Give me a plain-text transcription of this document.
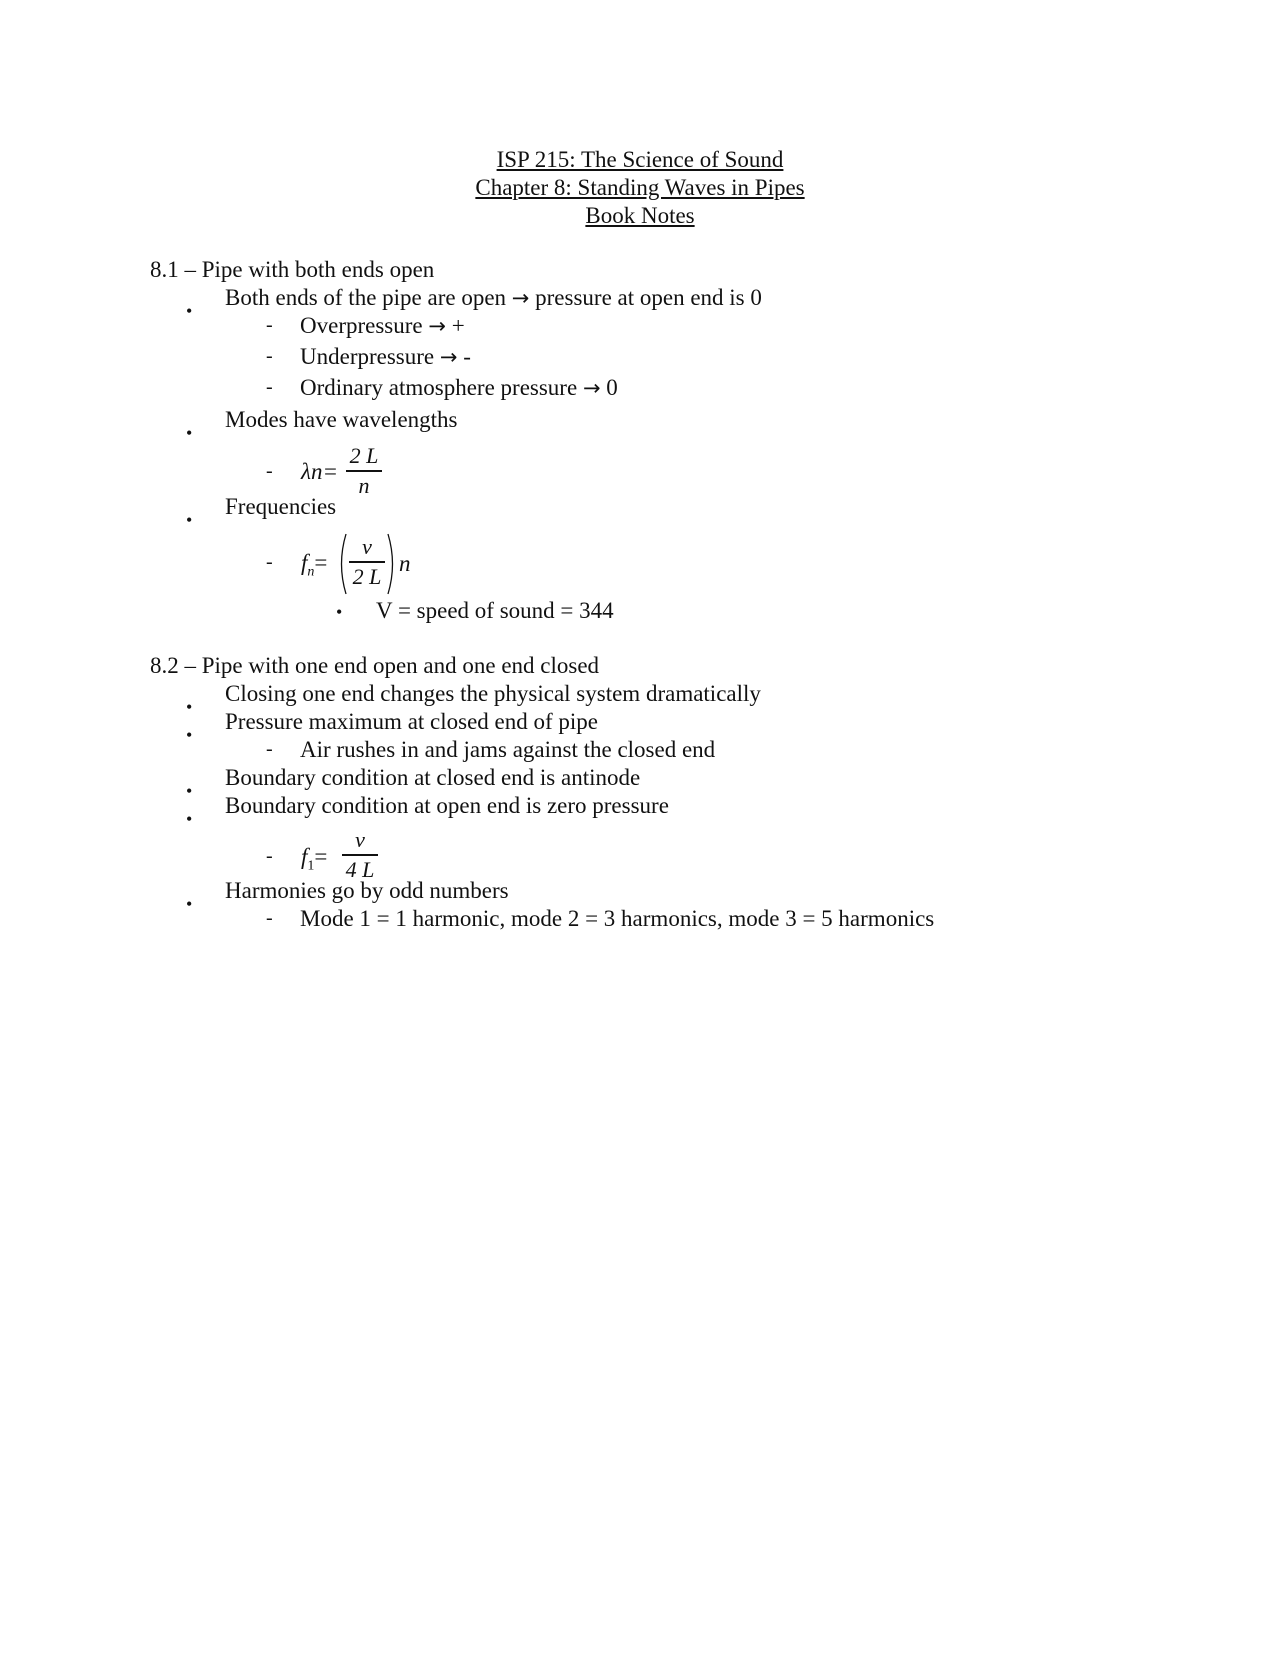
ISP 215: The Science of Sound
Chapter 8: Standing Waves in Pipes
Book Notes
8.1 – Pipe with both ends open
•
Both ends of the pipe are open → pressure at open end is 0
- Overpressure → +
- Underpressure → -
- Ordinary atmosphere pressure → 0
•
Modes have wavelengths
- λn=
2 L
n
•
Frequencies
- $f_n=$
v
2 L n
• V = speed of sound = 344
8.2 – Pipe with one end open and one end closed
•
Closing one end changes the physical system dramatically
•
Pressure maximum at closed end of pipe
- Air rushes in and jams against the closed end
•
Boundary condition at closed end is antinode
•
Boundary condition at open end is zero pressure
- $f_1=$
v
4 L
•
Harmonies go by odd numbers
- Mode 1 = 1 harmonic, mode 2 = 3 harmonics, mode 3 = 5 harmonics
